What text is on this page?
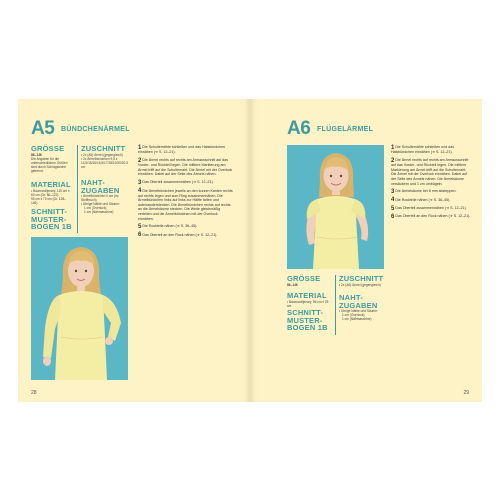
A5 BÜNDCHENÄRMEL
GRÖSSE
86–146
Die Angaben für die unterschiedlichen Größen sind durch Schrägstriche getrennt.
MATERIAL
• Baumwolljersey, 115 cm x 60 cm (Gr. 86–122)
95 cm x 70 cm (Gr. 128–146)
SCHNITT-
MUSTER-
BOGEN 1B
ZUSCHNITT
• 2x (A5) Ärmel (gegengleich)
• 2x Ärmelbündchen 9,5 x 14,5/15/16/16,5/17/18/19/20/20,5 cm
NAHT-
ZUGABEN
• Ärmelbündchen 0 cm (im Stoffbruch)
• Übrige Nähte und Säume:
1 cm (Overlock)
1 cm (Nähmaschine)
1Die Schulternähte schließen und das Halsbündchen einnähen (➔ S. 12–21).
2Die Ärmel rechts auf rechts am Armausschnitt auf das Vorder- und Rückteil legen. Die mittlere Markierung am Ärmel trifft auf die Schulternaht. Die Ärmel mit der Overlock einnähen. Dabei auf der Seite des Ärmels nähen.
3Das Oberteil zusammennähen (➔ S. 12–21).
4Die Ärmelbündchen jeweils an den kurzen Kanten rechts auf rechts legen und zum Ring zusammennähen. Die Ärmelbündchen links auf links zur Hälfte falten und aufeinanderstecken. Die Ärmelbündchen rechts auf rechts an die Ärmelsäume stecken. Die Weite gleichmäßig verteilen und die Ärmelbündchen mit der Overlock einnähen.
5Die Rockteile nähen (➔ S. 36–45).
6Das Oberteil an den Rock nähen (➔ S. 12–21).
28
A6 FLÜGELÄRMEL
1Die Schulternähte schließen und das Halsbündchen einnähen (➔ S. 12–21).
2Die Ärmel rechts auf rechts am Armausschnitt auf das Vorder- und Rückteil legen. Die mittlere Markierung am Ärmel trifft auf die Schulternaht. Die Ärmel mit der Overlock einnähen. Dabei auf der Seite des Ärmels nähen. Die Ärmelsäume versäubern und 1 cm umbügeln.
3Die Ärmelsäume bei 8 mm absteppen.
4Die Rockteile nähen (➔ S. 36–45).
5Das Oberteil zusammennähen (➔ S. 12–21).
6Das Oberteil an den Rock nähen (➔ S. 12–21).
GRÖSSE
86–146
MATERIAL
• Baumwolljersey, 95 cm x 25 cm
SCHNITT-
MUSTER-
BOGEN 1B
ZUSCHNITT
• 2x (A6) Ärmel (gegengleich)
NAHT-
ZUGABEN
• Übrige Nähte und Säume:
1 cm (Overlock)
1 cm (Nähmaschine)
29
